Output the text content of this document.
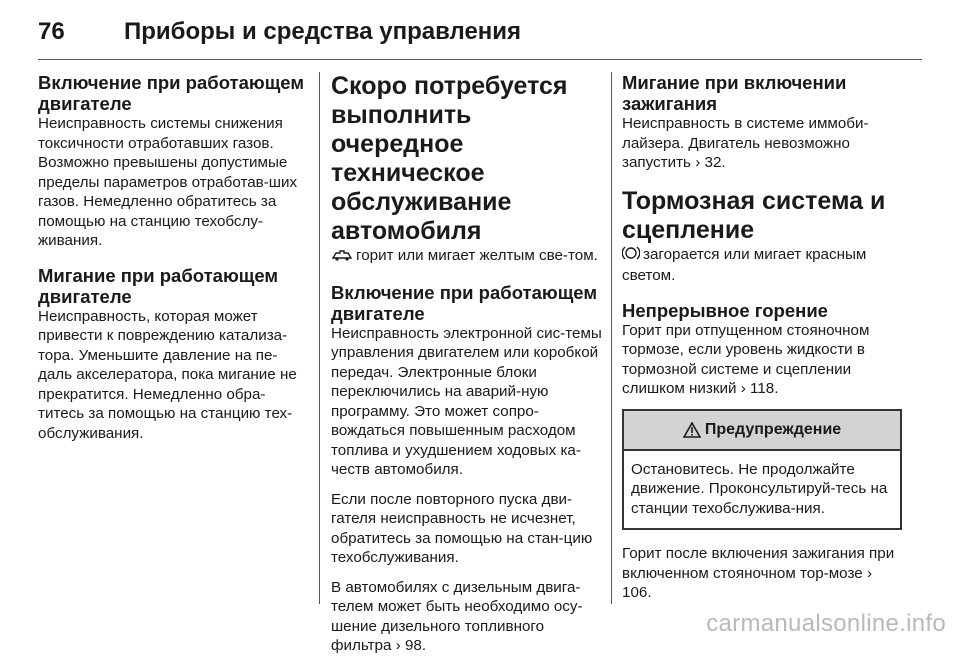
76	Приборы и средства управления
Включение при работающем двигателе

Неисправность системы снижения токсичности отработавших газов. Возможно превышены допустимые пределы параметров отработав-ших газов. Немедленно обратитесь за помощью на станцию техобслу-живания.

Мигание при работающем двигателе

Неисправность, которая может привести к повреждению катализа-тора. Уменьшите давление на пе-даль акселератора, пока мигание не прекратится. Немедленно обра-титесь за помощью на станцию тех-обслуживания.

Скоро потребуется выполнить очередное техническое обслуживание автомобиля

горит или мигает желтым све-том.

Включение при работающем двигателе

Неисправность электронной сис-темы управления двигателем или коробкой передач. Электронные блоки переключились на аварий-ную программу. Это может сопро-вождаться повышенным расходом топлива и ухудшением ходовых ка-честв автомобиля.

Если после повторного пуска дви-гателя неисправность не исчезнет, обратитесь за помощью на стан-цию техобслуживания.

В автомобилях с дизельным двига-телем может быть необходимо осу-шение дизельного топливного фильтра › 98.

Мигание при включении зажигания

Неисправность в системе иммоби-лайзера. Двигатель невозможно запустить › 32.

Тормозная система и сцепление

загорается или мигает красным светом.

Непрерывное горение

Горит при отпущенном стояночном тормозе, если уровень жидкости в тормозной системе и сцеплении слишком низкий › 118.

Предупреждение

Остановитесь. Не продолжайте движение. Проконсультируй-тесь на станции техобслужива-ния.

Горит после включения зажигания при включенном стояночном тор-мозе › 106.

carmanualsonline.info
